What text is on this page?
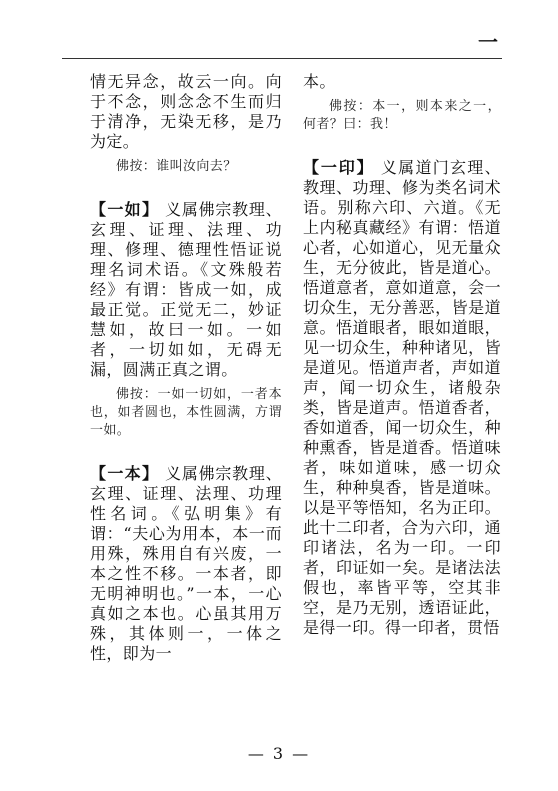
一

情无异念，故云一向。向于不念，则念念不生而归于清净，无染无移，是乃为定。

佛按：谁叫汝向去？

【一如】 义属佛宗教理、玄理、证理、法理、功理、修理、德理性悟证说理名词术语。《文殊般若经》有谓：皆成一如，成最正觉。正觉无二，妙证慧如，故曰一如。一如者，一切如如，无碍无漏，圆满正真之谓。

佛按：一如一切如，一者本也，如者圆也，本性圆满，方谓一如。

【一本】 义属佛宗教理、玄理、证理、法理、功理性名词。《弘明集》有谓：“夫心为用本，本一而用殊，殊用自有兴废，一本之性不移。一本者，即无明神明也。”一本，一心真如之本也。心虽其用万殊，其体则一，一体之性，即为一

本。

佛按：本一，则本来之一，何者？曰：我！

【一印】 义属道门玄理、教理、功理、修为类名词术语。别称六印、六道。《无上内秘真藏经》有谓：悟道心者，心如道心，见无量众生，无分彼此，皆是道心。悟道意者，意如道意，会一切众生，无分善恶，皆是道意。悟道眼者，眼如道眼，见一切众生，种种诸见，皆是道见。悟道声者，声如道声，闻一切众生，诸般杂类，皆是道声。悟道香者，香如道香，闻一切众生，种种熏香，皆是道香。悟道味者，味如道味，感一切众生，种种臭香，皆是道味。以是平等悟知，名为正印。此十二印者，合为六印，通印诸法，名为一印。一印者，印证如一矣。是诸法法假也，率皆平等，空其非空，是乃无别，透语证此，是得一印。得一印者，贯悟

— 3 —
